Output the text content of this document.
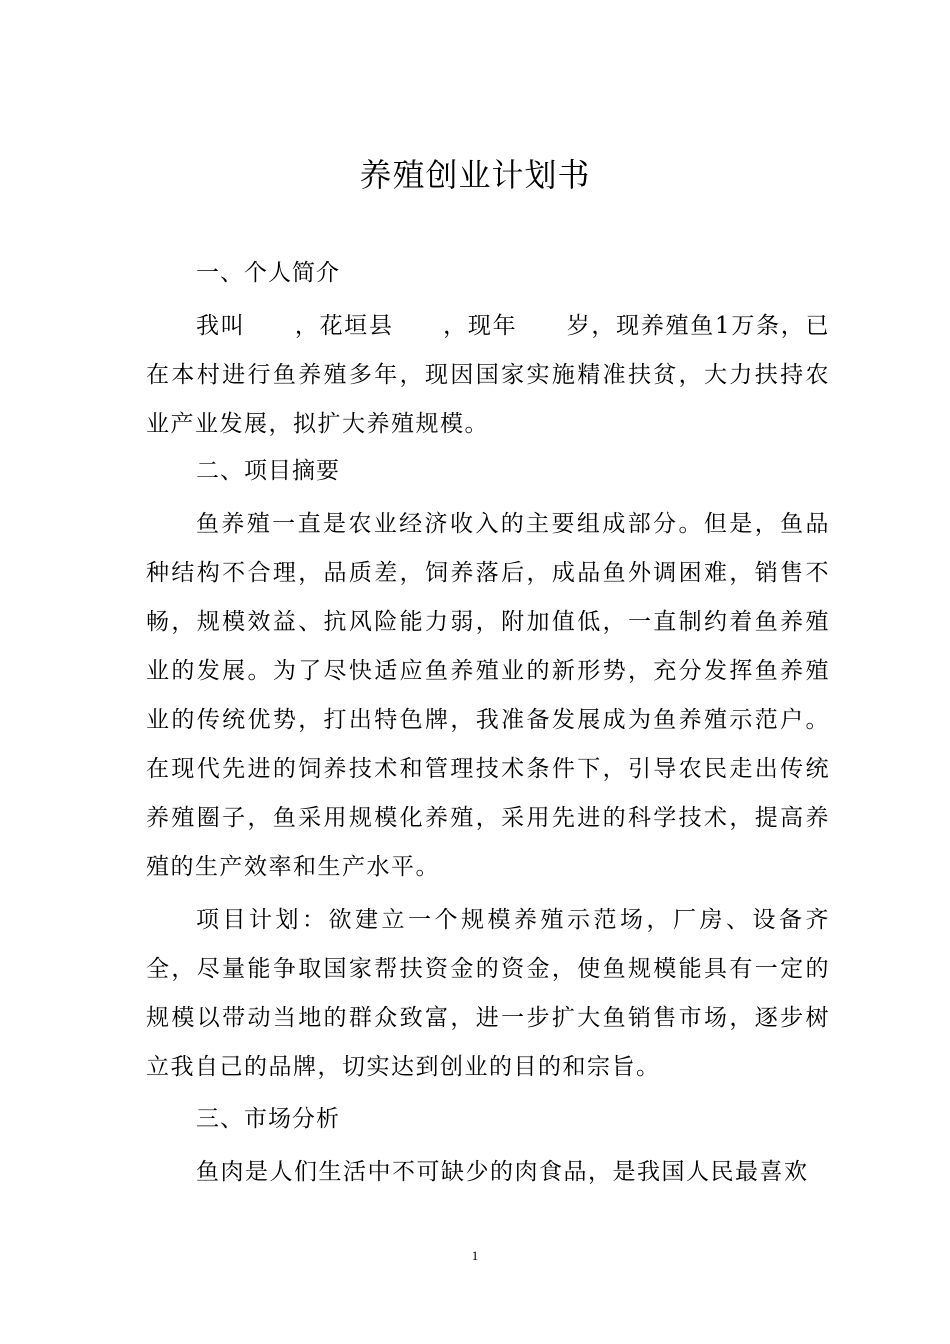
养殖创业计划书
一、个人简介

我叫　　，花垣县　　，现年　　岁，现养殖鱼1万条，已在本村进行鱼养殖多年，现因国家实施精准扶贫，大力扶持农业产业发展，拟扩大养殖规模。

二、项目摘要

鱼养殖一直是农业经济收入的主要组成部分。但是，鱼品种结构不合理，品质差，饲养落后，成品鱼外调困难，销售不畅，规模效益、抗风险能力弱，附加值低，一直制约着鱼养殖业的发展。为了尽快适应鱼养殖业的新形势，充分发挥鱼养殖业的传统优势，打出特色牌，我准备发展成为鱼养殖示范户。在现代先进的饲养技术和管理技术条件下，引导农民走出传统养殖圈子，鱼采用规模化养殖，采用先进的科学技术，提高养殖的生产效率和生产水平。

项目计划：欲建立一个规模养殖示范场，厂房、设备齐全，尽量能争取国家帮扶资金的资金，使鱼规模能具有一定的规模以带动当地的群众致富，进一步扩大鱼销售市场，逐步树立我自己的品牌，切实达到创业的目的和宗旨。

三、市场分析

鱼肉是人们生活中不可缺少的肉食品，是我国人民最喜欢

1
